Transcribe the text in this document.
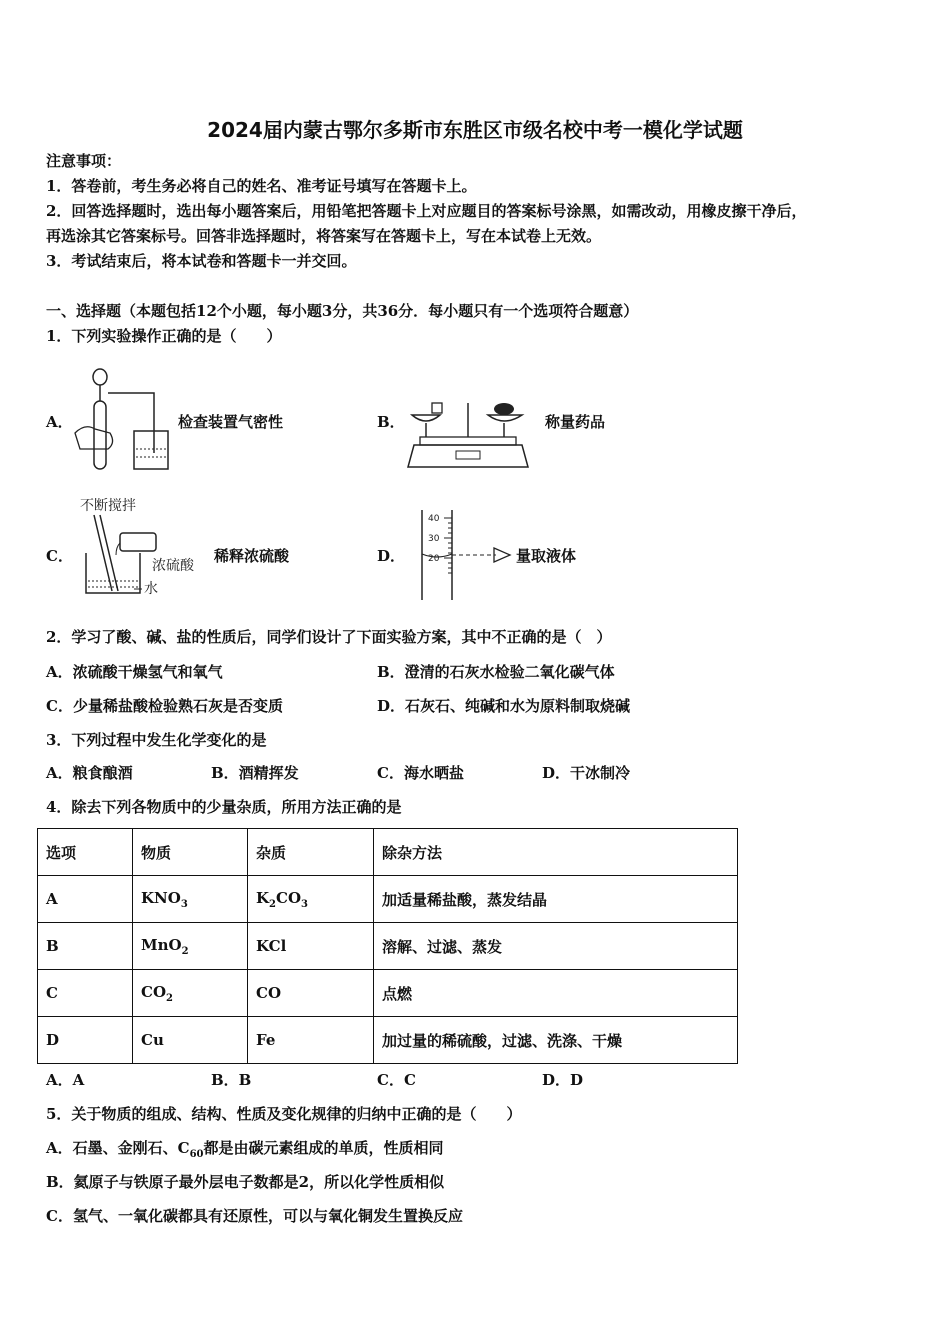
2024届内蒙古鄂尔多斯市东胜区市级名校中考一模化学试题
注意事项：
1．答卷前，考生务必将自己的姓名、准考证号填写在答题卡上。
2．回答选择题时，选出每小题答案后，用铅笔把答题卡上对应题目的答案标号涂黑，如需改动，用橡皮擦干净后，
再选涂其它答案标号。回答非选择题时，将答案写在答题卡上，写在本试卷上无效。
3．考试结束后，将本试卷和答题卡一并交回。
一、选择题（本题包括12个小题，每小题3分，共36分．每小题只有一个选项符合题意）
1．下列实验操作正确的是（　　）
A．	检查装置气密性	B．	称量药品
C．
不断搅拌
浓硫酸
水
稀释浓硫酸	D．
40
30
20	量取液体
2．学习了酸、碱、盐的性质后，同学们设计了下面实验方案，其中不正确的是（　）
A．浓硫酸干燥氢气和氧气	B．澄清的石灰水检验二氧化碳气体
C．少量稀盐酸检验熟石灰是否变质	D．石灰石、纯碱和水为原料制取烧碱
3．下列过程中发生化学变化的是
A．粮食酿酒	B．酒精挥发	C．海水晒盐	D．干冰制冷
4．除去下列各物质中的少量杂质，所用方法正确的是
选项	物质	杂质	除杂方法
A	$KNO_3$	$K_2CO_3$	加适量稀盐酸，蒸发结晶
B	MnO$_2$	KCl	溶解、过滤、蒸发
C	$CO_2$	CO	点燃
D	Cu	Fe	加过量的稀硫酸，过滤、洗涤、干燥
A．A	B．B	C．C	D．D
5．关于物质的组成、结构、性质及变化规律的归纳中正确的是（　　）
A．石墨、金刚石、$C_{60}$都是由碳元素组成的单质，性质相同
B．氦原子与铁原子最外层电子数都是2，所以化学性质相似
C．氢气、一氧化碳都具有还原性，可以与氧化铜发生置换反应
